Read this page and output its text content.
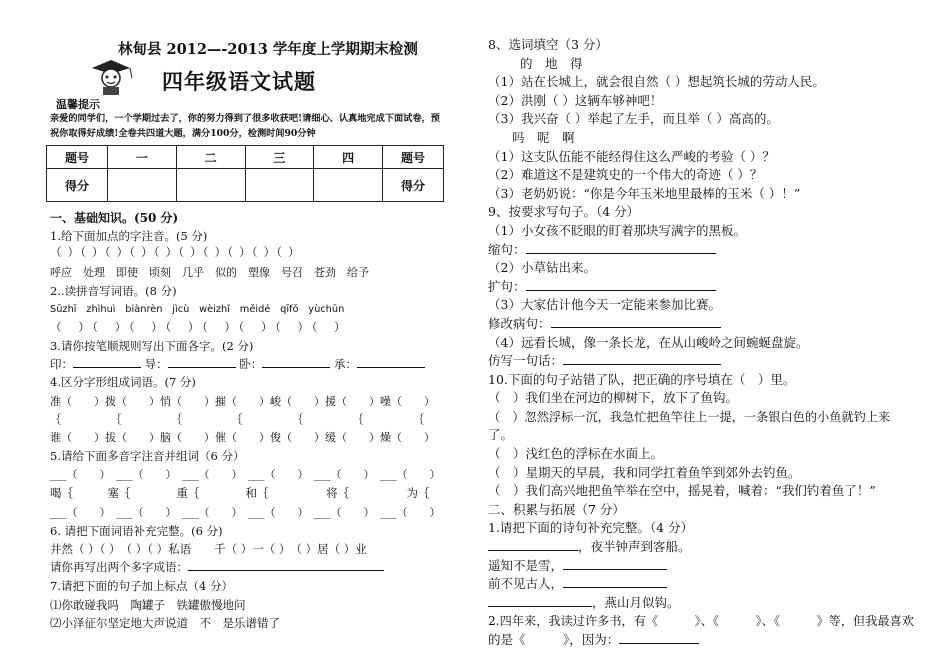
林甸县 2012—-2013 学年度上学期期末检测
四年级语文试题
温馨提示
亲爱的同学们，一个学期过去了，你的努力得到了很多收获吧!请细心、认真地完成下面试卷，预祝你取得好成绩!全卷共四道大题，满分100分，检测时间90分钟
题号	一	二	三	四	题号
得分					得分
一、基础知识。(50 分)
1.给下面加点的字注音。(5 分)
（ ）（ ）（ ）（ ）（ ）（ ）（ ）（ ）（ ）（ ）
呼应　处理　即使　顷刻　几乎　似的　塑像　号召　苍劲　给予
2..读拼音写词语。(8 分)
Sūzhī　zhìhuì　biànrèn　jìcù　wèizhǐ　měidé　qīfǒ　yùchūn
（　）（　）（　）（　）（　）（　）（　）（　）
3.请你按笔顺规则写出下面各字。(2 分)
印：	导：	卧：	承：
4.区分字形组成词语。(7 分)
准（　　）拨（　　）悄（　　）摧（　　）峻（　　）援（　　）噪（　　）
｛　　　　　｛　　　　　｛　　　　　｛　　　　　｛　　　　　｛　　　　　｛
谁（　　）拔（　　）脑（　　）催（　　）俊（　　）缓（　　）燥（　　）
5.请给下面多音字注音并组词（6 分）
___（　　）　___（　　）　___（　　）　___（　　）　___（　　）　___（　　）
喝｛　　　塞｛　　　　重｛　　　　和｛　　　　　将｛　　　　　为｛
___（　　）　___（　　）　___（　　）　___（　　）　___（　　）　___（　　）
6. 请把下面词语补充完整。(6 分)
井然（ ）（ ）　（ ）（ ）私语　　千（ ）一（ ）　（ ）居（ ）业
请你再写出两个多字成语：
7.请把下面的句子加上标点（4 分）
⑴你敢碰我吗　陶罐子　铁罐傲慢地问
⑵小泽征尔坚定地大声说道　不　是乐谱错了
8、选词填空（3 分）
的　地　得
（1）站在长城上，就会很自然（ ）想起筑长城的劳动人民。
（2）洪刚（ ）这辆车够神吧！
（3）我兴奋（ ）举起了左手，而且举（ ）高高的。
吗　呢　啊
（1）这支队伍能不能经得住这么严峻的考验（ ）？
（2）难道这不是建筑史的一个伟大的奇迹（ ）？
（3）老奶奶说：“你是今年玉米地里最棒的玉米（ ）！”
9、按要求写句子。（4 分）
（1）小女孩不眨眼的盯着那块写满字的黑板。
缩句：
（2）小草钻出来。
扩句：
（3）大家估计他今天一定能来参加比赛。
修改病句：
（4）远看长城，像一条长龙，在从山峻岭之间蜿蜒盘旋。
仿写一句话：
10.下面的句子站错了队，把正确的序号填在（　）里。
（　）我们坐在河边的柳树下，放下了鱼钩。
（　）忽然浮标一沉，我急忙把鱼竿往上一提，一条银白色的小鱼就钓上来
了。
（　）浅红色的浮标在水面上。
（　）星期天的早晨，我和同学扛着鱼竿到郊外去钓鱼。
（　）我们高兴地把鱼竿举在空中，摇晃着，喊着：“我们钓着鱼了！”
二、积累与拓展（7 分）
1.请把下面的诗句补充完整。（4 分）
，夜半钟声到客船。
遥知不是雪，
前不见古人，
，燕山月似钩。
2.四年来，我读过许多书，有《　　　》、《　　　》、《　　　》等，但我最喜欢
的是《　　　》，因为：
